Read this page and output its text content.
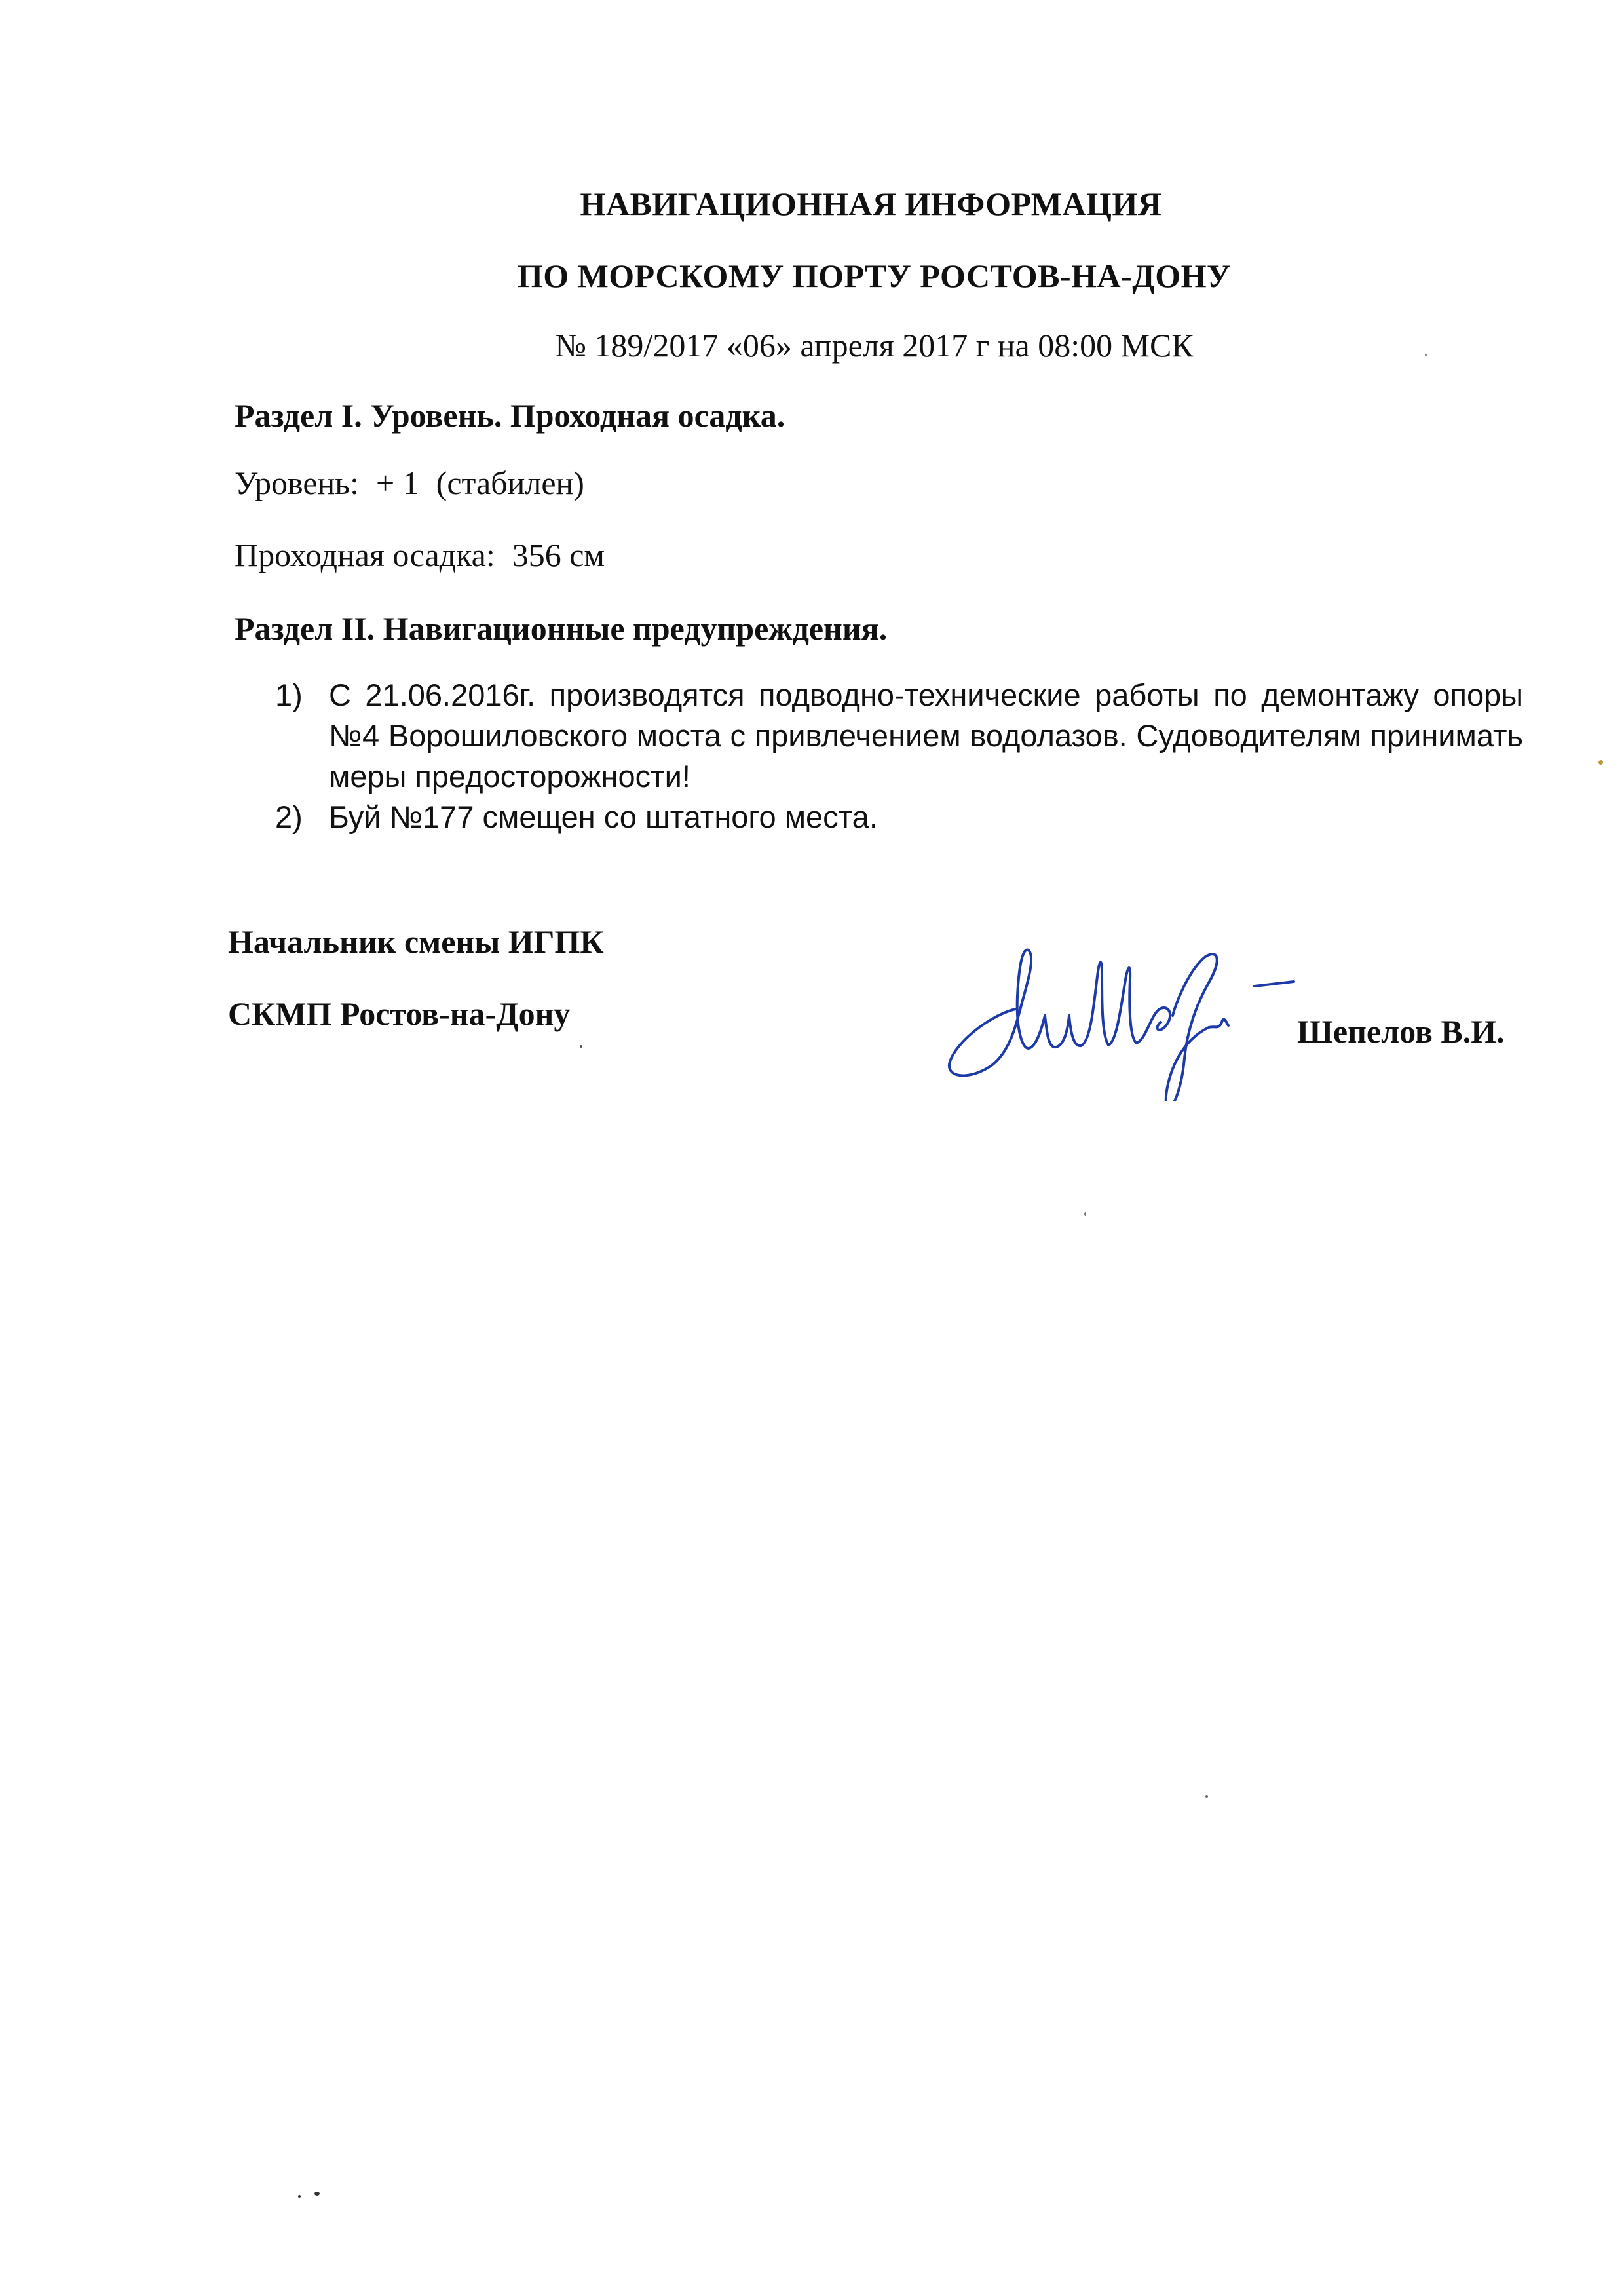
НАВИГАЦИОННАЯ ИНФОРМАЦИЯ
ПО МОРСКОМУ ПОРТУ РОСТОВ-НА-ДОНУ
№ 189/2017 «06» апреля 2017 г на 08:00 МСК
Раздел I. Уровень. Проходная осадка.
Уровень: + 1 (стабилен)
Проходная осадка: 356 см
Раздел II. Навигационные предупреждения.
1) С 21.06.2016г. производятся подводно-технические работы по демонтажу опоры №4 Ворошиловского моста с привлечением водолазов. Судоводителям принимать меры предосторожности!
2) Буй №177 смещен со штатного места.
Начальник смены ИГПК
СКМП Ростов-на-Дону	Шепелов В.И.
